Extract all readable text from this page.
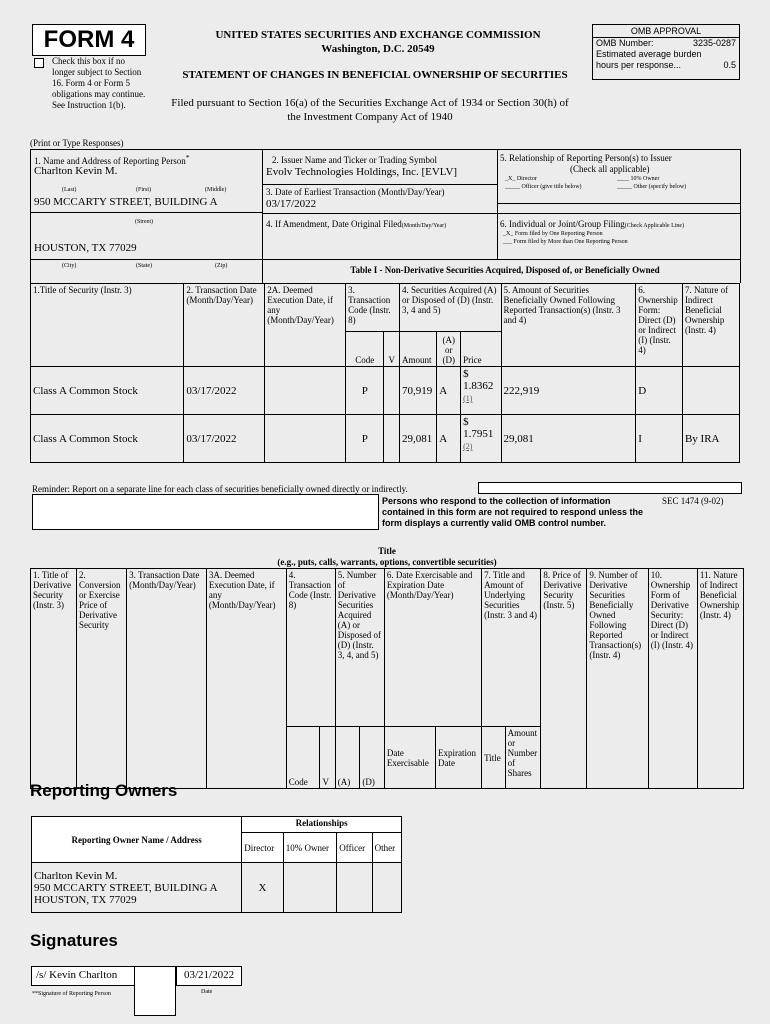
FORM 4
Check this box if no longer subject to Section 16. Form 4 or Form 5 obligations may continue. See Instruction 1(b).
UNITED STATES SECURITIES AND EXCHANGE COMMISSION
Washington, D.C. 20549
STATEMENT OF CHANGES IN BENEFICIAL OWNERSHIP OF SECURITIES
Filed pursuant to Section 16(a) of the Securities Exchange Act of 1934 or Section 30(h) of
the Investment Company Act of 1940
OMB APPROVAL
OMB Number:	3235-0287
Estimated average burden
hours per response...	0.5
(Print or Type Responses)
1. Name and Address of Reporting Person*
Charlton Kevin M.
(Last)	(First)	(Middle)
950 MCCARTY STREET, BUILDING A
(Street)
HOUSTON, TX 77029
(City)	(State)	(Zip)
2. Issuer Name and Ticker or Trading Symbol
Evolv Technologies Holdings, Inc. [EVLV]
3. Date of Earliest Transaction (Month/Day/Year)
03/17/2022
4. If Amendment, Date Original Filed(Month/Day/Year)
5. Relationship of Reporting Person(s) to Issuer
(Check all applicable)
_X_ Director	____ 10% Owner
_____ Officer (give title below)	_____ Other (specify below)
6. Individual or Joint/Group Filing(Check Applicable Line)
_X_ Form filed by One Reporting Person
___ Form filed by More than One Reporting Person
Table I - Non-Derivative Securities Acquired, Disposed of, or Beneficially Owned
1.Title of Security (Instr. 3)	2. Transaction Date (Month/Day/Year)	2A. Deemed Execution Date, if any (Month/Day/Year)	3. Transaction Code (Instr. 8)		4. Securities Acquired (A) or Disposed of (D) (Instr. 3, 4 and 5)			5. Amount of Securities Beneficially Owned Following Reported Transaction(s) (Instr. 3 and 4)	6. Ownership Form: Direct (D) or Indirect (I) (Instr. 4)	7. Nature of Indirect Beneficial Ownership (Instr. 4)
			Code	V	Amount	(A) or (D)	Price			
Class A Common Stock	03/17/2022		P		70,919	A	$
1.8362
(1)	222,919	D	
Class A Common Stock	03/17/2022		P		29,081	A	$
1.7951
(2)	29,081	I	By IRA
Reminder: Report on a separate line for each class of securities beneficially owned directly or indirectly.
Persons who respond to the collection of information contained in this form are not required to respond unless the form displays a currently valid OMB control number.
SEC 1474 (9-02)
Title
(e.g., puts, calls, warrants, options, convertible securities)
1. Title of Derivative Security (Instr. 3)	2. Conversion or Exercise Price of Derivative Security	3. Transaction Date (Month/Day/Year)	3A. Deemed Execution Date, if any (Month/Day/Year)	4. Transaction Code (Instr. 8)		5. Number of Derivative Securities Acquired (A) or Disposed of (D) (Instr. 3, 4, and 5)		6. Date Exercisable and Expiration Date (Month/Day/Year)		7. Title and Amount of Underlying Securities (Instr. 3 and 4)		8. Price of Derivative Security (Instr. 5)	9. Number of Derivative Securities Beneficially Owned Following Reported Transaction(s) (Instr. 4)	10. Ownership Form of Derivative Security: Direct (D) or Indirect (I) (Instr. 4)	11. Nature of Indirect Beneficial Ownership (Instr. 4)
				Code	V	(A)	(D)	Date Exercisable	Expiration Date	Title	Amount or Number of Shares				
Reporting Owners
Reporting Owner Name / Address	Relationships			
	Director	10% Owner	Officer	Other

Charlton Kevin M.
950 MCCARTY STREET, BUILDING A
HOUSTON, TX 77029	X			
Signatures
/s/ Kevin Charlton	03/21/2022
**Signature of Reporting Person	Date
